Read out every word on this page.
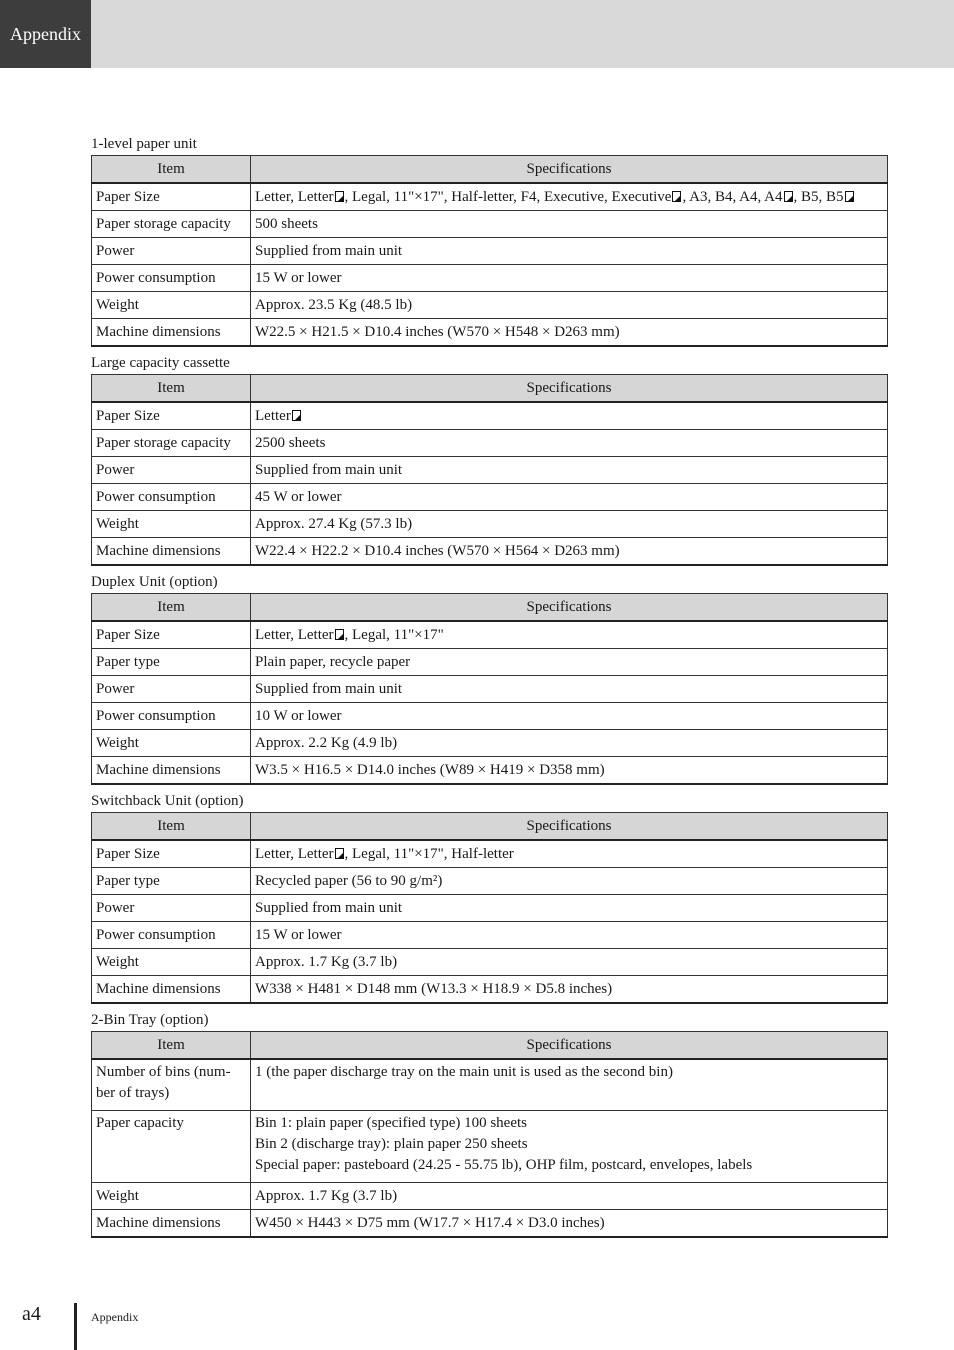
Appendix
1-level paper unit
Item	Specifications
Paper Size	Letter, Letter , Legal, 11"×17", Half-letter, F4, Executive, Executive , A3, B4, A4, A4 , B5, B5
Paper storage capacity	500 sheets
Power	Supplied from main unit
Power consumption	15 W or lower
Weight	Approx. 23.5 Kg (48.5 lb)
Machine dimensions	W22.5 × H21.5 × D10.4 inches (W570 × H548 × D263 mm)
Large capacity cassette
Item	Specifications
Paper Size	Letter
Paper storage capacity	2500 sheets
Power	Supplied from main unit
Power consumption	45 W or lower
Weight	Approx. 27.4 Kg (57.3 lb)
Machine dimensions	W22.4 × H22.2 × D10.4 inches (W570 × H564 × D263 mm)
Duplex Unit (option)
Item	Specifications
Paper Size	Letter, Letter , Legal, 11"×17"
Paper type	Plain paper, recycle paper
Power	Supplied from main unit
Power consumption	10 W or lower
Weight	Approx. 2.2 Kg (4.9 lb)
Machine dimensions	W3.5 × H16.5 × D14.0 inches (W89 × H419 × D358 mm)
Switchback Unit (option)
Item	Specifications
Paper Size	Letter, Letter , Legal, 11"×17", Half-letter
Paper type	Recycled paper (56 to 90 g/m²)
Power	Supplied from main unit
Power consumption	15 W or lower
Weight	Approx. 1.7 Kg (3.7 lb)
Machine dimensions	W338 × H481 × D148 mm (W13.3 × H18.9 × D5.8 inches)
2-Bin Tray (option)
Item	Specifications

Number of bins (num-
ber of trays)	1 (the paper discharge tray on the main unit is used as the second bin)
Paper capacity	Bin 1: plain paper (specified type) 100 sheets
Bin 2 (discharge tray): plain paper 250 sheets
Special paper: pasteboard (24.25 - 55.75 lb), OHP film, postcard, envelopes, labels

Weight	Approx. 1.7 Kg (3.7 lb)
Machine dimensions	W450 × H443 × D75 mm (W17.7 × H17.4 × D3.0 inches)
a4	Appendix
